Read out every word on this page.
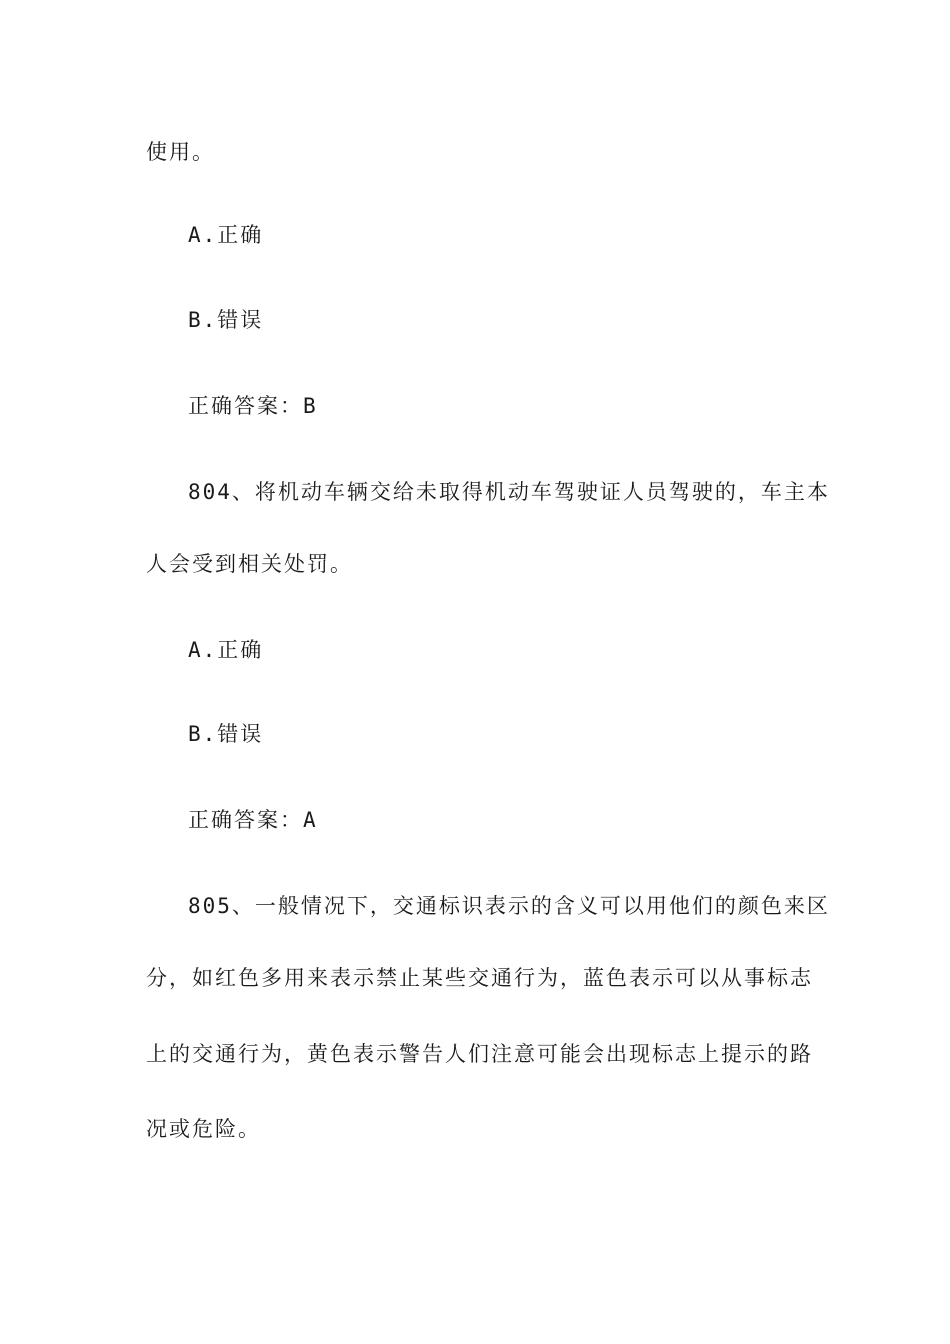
使用。
A.正确
B.错误
正确答案：B
804、将机动车辆交给未取得机动车驾驶证人员驾驶的，车主本
人会受到相关处罚。
A.正确
B.错误
正确答案：A
805、一般情况下，交通标识表示的含义可以用他们的颜色来区
分，如红色多用来表示禁止某些交通行为，蓝色表示可以从事标志
上的交通行为，黄色表示警告人们注意可能会出现标志上提示的路
况或危险。
